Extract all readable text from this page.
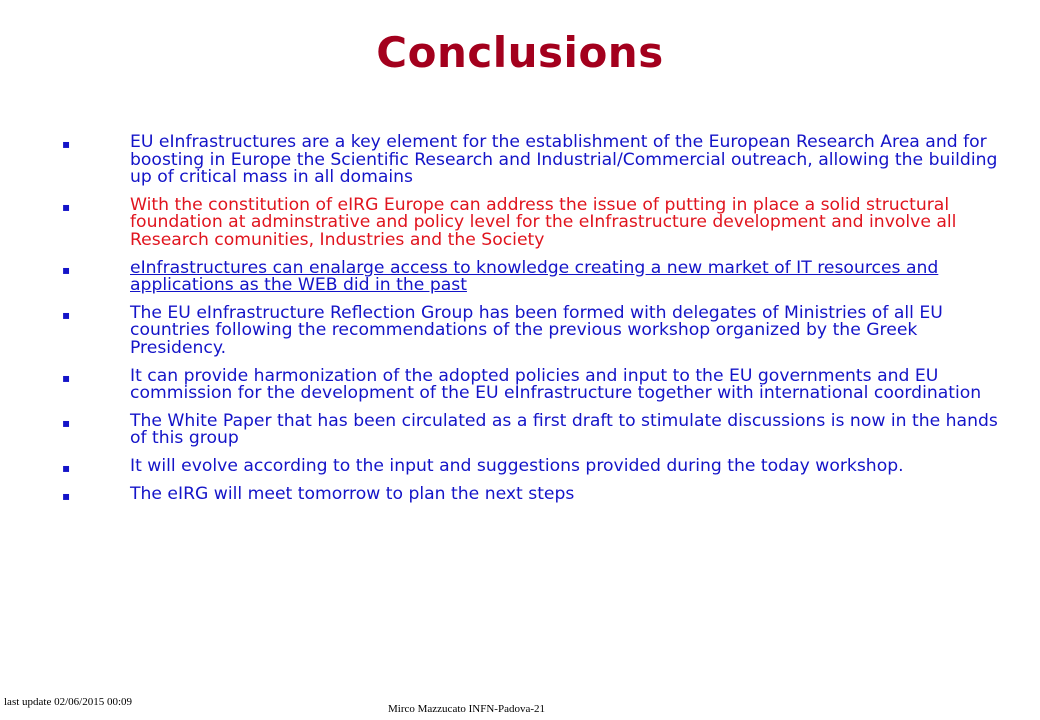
Conclusions
▪	EU eInfrastructures are a key element for the establishment of the European Research Area and for boosting in Europe the Scientific Research and Industrial/Commercial outreach, allowing the building up of critical mass in all domains
▪	With the constitution of eIRG Europe can address the issue of putting in place a solid structural foundation at adminstrative and policy level for the eInfrastructure development and involve all Research comunities, Industries and the Society
▪	eInfrastructures can enalarge access to knowledge creating a new market of IT resources and applications as the WEB did in the past
▪	The EU eInfrastructure Reflection Group has been formed with delegates of Ministries of all EU countries following the recommendations of the previous workshop organized by the Greek Presidency.
▪	It can provide harmonization of the adopted policies and input to the EU governments and EU commission for the development of the EU eInfrastructure together with international coordination
▪	The White Paper that has been circulated as a first draft to stimulate discussions is now in the hands of this group
▪	It will evolve according to the input and suggestions provided during the today workshop.
▪	The eIRG will meet tomorrow to plan the next steps
last update 02/06/2015 00:09
Mirco Mazzucato INFN-Padova-21
